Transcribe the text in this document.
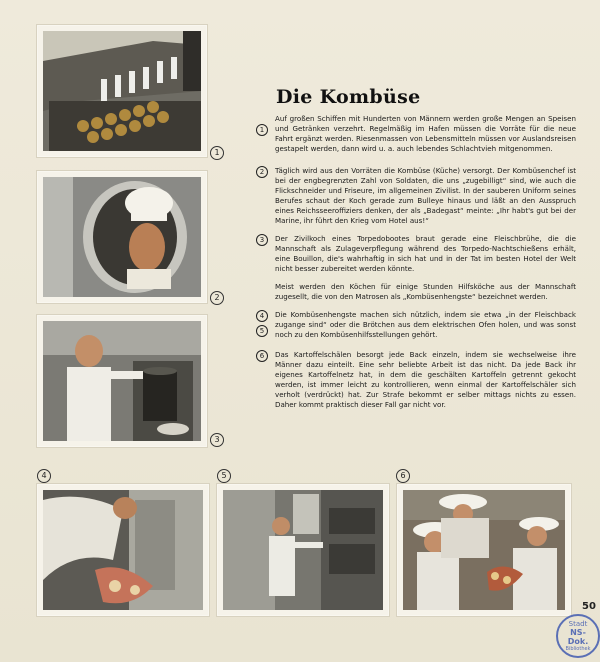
1
2
3
Die Kombüse
1
Auf großen Schiffen mit Hunderten von Männern werden große Mengen an Speisen und Getränken verzehrt. Regelmäßig im Hafen müssen die Vorräte für die neue Fahrt ergänzt werden. Riesenmassen von Lebensmitteln müssen vor Auslandsreisen gestapelt werden, dann wird u. a. auch lebendes Schlachtvieh mitgenommen.
2	Täglich wird aus den Vorräten die Kombüse (Küche) versorgt. Der Kombüsenchef ist bei der engbegrenzten Zahl von Soldaten, die uns „zugebilligt“ sind, wie auch die Flickschneider und Friseure, im allgemeinen Zivilist. In der sauberen Uniform seines Berufes schaut der Koch gerade zum Bulleye hinaus und läßt an den Ausspruch eines Reichsseeroffiziers denken, der als „Badegast“ meinte: „Ihr habt's gut bei der Marine, ihr führt den Krieg vom Hotel aus!“
3	Der Zivilkoch eines Torpedobootes braut gerade eine Fleischbrühe, die die Mannschaft als Zulageverpflegung während des Torpedo-Nachtschießens erhält, eine Bouillon, die's wahrhaftig in sich hat und in der Tat im besten Hotel der Welt nicht besser zubereitet werden könnte.
Meist werden den Köchen für einige Stunden Hilfsköche aus der Mannschaft zugesellt, die von den Matrosen als „Kombüsenhengste“ bezeichnet werden.
4	Die Kombüsenhengste machen sich nützlich, indem sie etwa „in der Fleischback zugange sind“ oder die Brötchen aus dem elektrischen Ofen holen, und was sonst noch zu den Kombüsenhilfsstellungen gehört.
5
6	Das Kartoffelschälen besorgt jede Back einzeln, indem sie wechselweise ihre Männer dazu einteilt. Eine sehr beliebte Arbeit ist das nicht. Da jede Back ihr eigenes Kartoffelnetz hat, in dem die geschälten Kartoffeln getrennt gekocht werden, ist immer leicht zu kontrollieren, wenn einmal der Kartoffelschäler sich verholt (verdrückt) hat. Zur Strafe bekommt er selber mittags nichts zu essen. Daher kommt praktisch dieser Fall gar nicht vor.
4	5	6
50
Stadt
NS-
Dok.
Bibliothek
